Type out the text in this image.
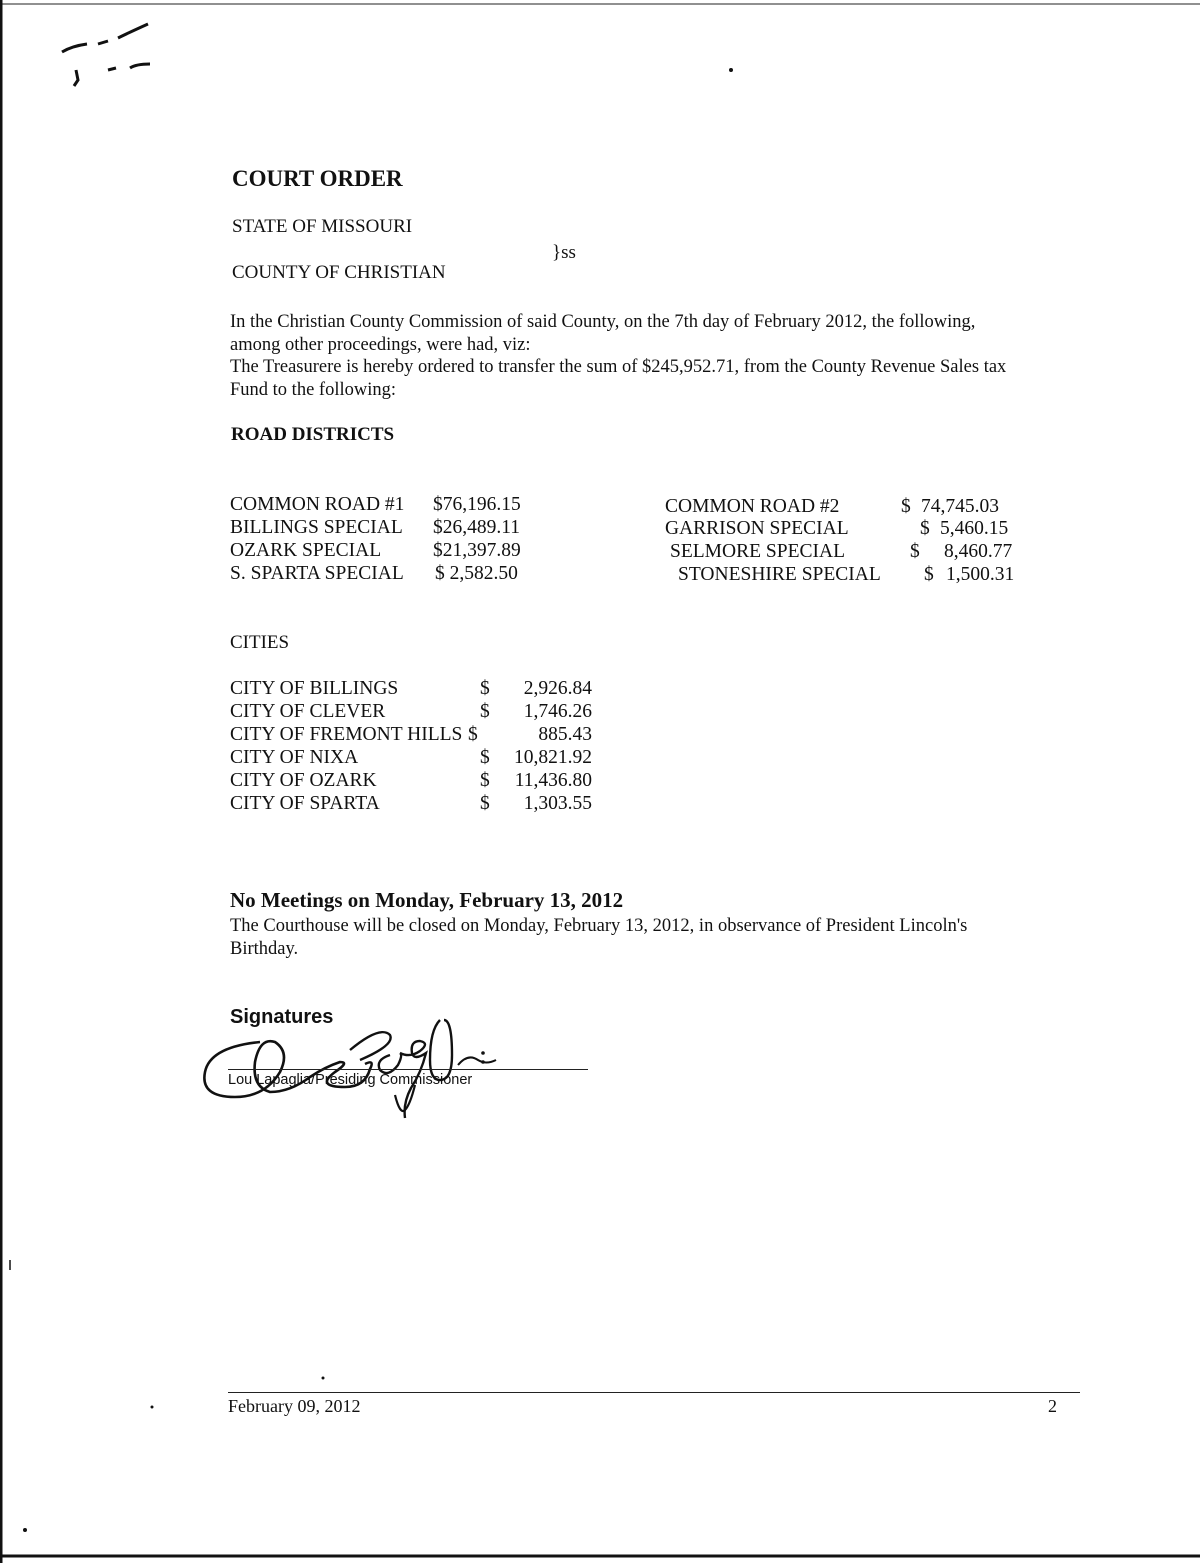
COURT ORDER
STATE OF MISSOURI
}ss
COUNTY OF CHRISTIAN
In the Christian County Commission of said County, on the 7th day of February 2012, the following,
among other proceedings, were had, viz:
The Treasurere is hereby ordered to transfer the sum of $245,952.71, from the County Revenue Sales tax
Fund to the following:
ROAD DISTRICTS
COMMON ROAD #1 $76,196.15
BILLINGS SPECIAL $26,489.11
OZARK SPECIAL	$21,397.89
S. SPARTA SPECIAL $ 2,582.50
COMMON ROAD #2	$ 74,745.03
GARRISON SPECIAL	$ 5,460.15
SELMORE SPECIAL	$ 8,460.77
STONESHIRE SPECIAL $ 1,500.31
CITIES
CITY OF BILLINGS	$	2,926.84
CITY OF CLEVER	$	1,746.26
CITY OF FREMONT HILLS $	885.43
CITY OF NIXA	$	10,821.92
CITY OF OZARK	$	11,436.80
CITY OF SPARTA	$	1,303.55
No Meetings on Monday, February 13, 2012
The Courthouse will be closed on Monday, February 13, 2012, in observance of President Lincoln's
Birthday.
Signatures
Lou Lapaglia/Presiding Commissioner
February 09, 2012	2
